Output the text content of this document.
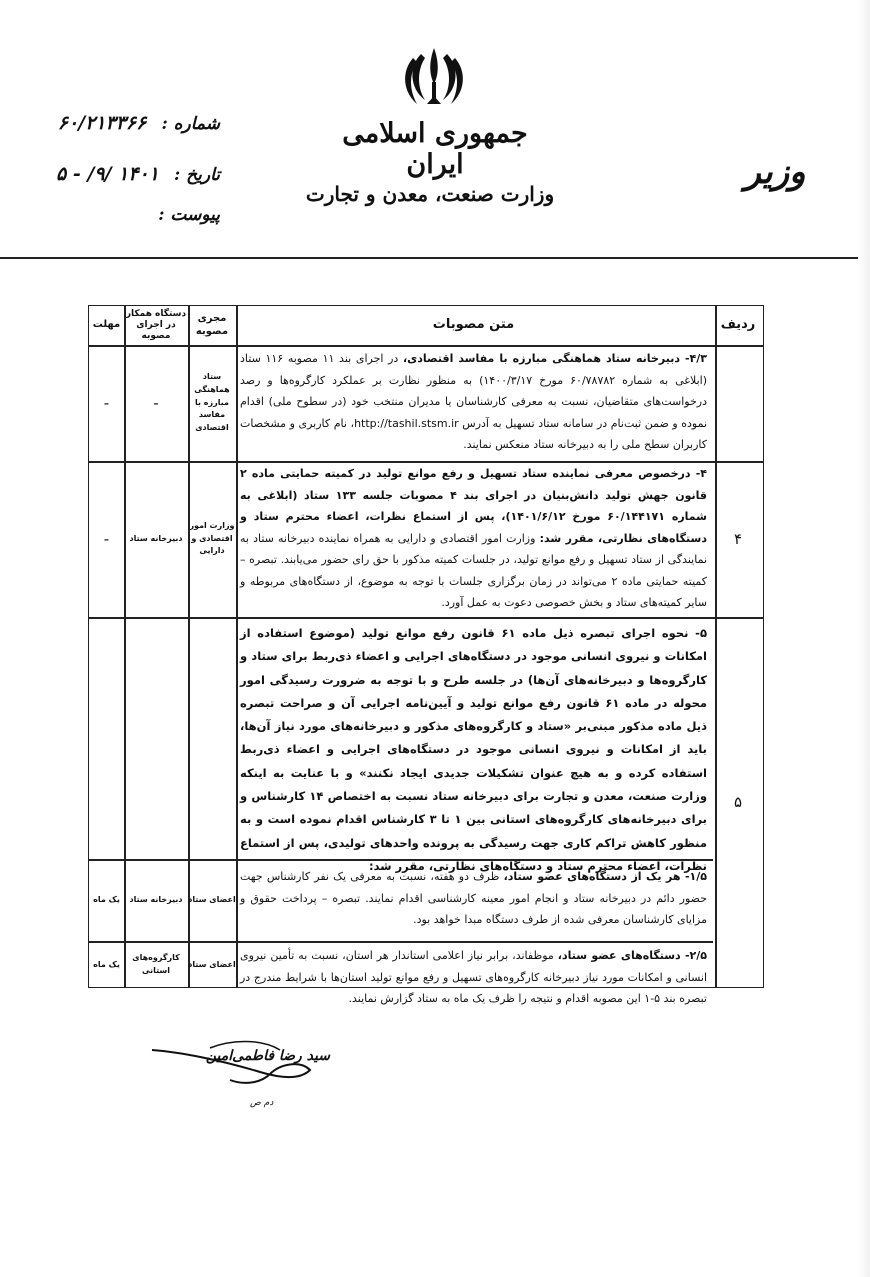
جمهوری اسلامی ایران
وزارت صنعت، معدن و تجارت
وزیر
شماره : ۶۰/۲۱۳۳۶۶
تاریخ : ۱۴۰۱ /۹/ - ۵
پیوست :
ردیف
متن مصوبات
مجری مصوبه
دستگاه همکار در اجرای مصوبه
مهلت
۴/۳- دبیرخانه ستاد هماهنگی مبارزه با مفاسد اقتصادی، در اجرای بند ۱۱ مصوبه ۱۱۶ ستاد (ابلاغی به شماره ۶۰/۷۸۷۸۲ مورخ ۱۴۰۰/۳/۱۷) به منظور نظارت بر عملکرد کارگروه‌ها و رصد درخواست‌های متقاضیان، نسبت به معرفی کارشناسان یا مدیران منتخب خود (در سطوح ملی) اقدام نموده و ضمن ثبت‌نام در سامانه ستاد تسهیل به آدرس http://tashil.stsm.ir، نام کاربری و مشخصات کاربران سطح ملی را به دبیرخانه ستاد منعکس نمایند.
ستاد هماهنگی مبارزه با مفاسد اقتصادی
-
-
۴
۴- درخصوص معرفی نماینده ستاد تسهیل و رفع موانع تولید در کمیته حمایتی ماده ۲ قانون جهش تولید دانش‌بنیان در اجرای بند ۴ مصوبات جلسه ۱۳۳ ستاد (ابلاغی به شماره ۶۰/۱۴۴۱۷۱ مورخ ۱۴۰۱/۶/۱۲)، پس از استماع نظرات، اعضاء محترم ستاد و دستگاه‌های نظارتی، مقرر شد: وزارت امور اقتصادی و دارایی به همراه نماینده دبیرخانه ستاد به نمایندگی از ستاد تسهیل و رفع موانع تولید، در جلسات کمیته مذکور با حق رای حضور می‌یابند. تبصره – کمیته حمایتی ماده ۲ می‌تواند در زمان برگزاری جلسات با توجه به موضوع، از دستگاه‌های مربوطه و سایر کمیته‌های ستاد و بخش خصوصی دعوت به عمل آورد.
وزارت امور اقتصادی و دارایی
دبیرخانه ستاد
-
۵
۵- نحوه اجرای تبصره ذیل ماده ۶۱ قانون رفع موانع تولید (موضوع استفاده از امکانات و نیروی انسانی موجود در دستگاه‌های اجرایی و اعضاء ذی‌ربط برای ستاد و کارگروه‌ها و دبیرخانه‌های آن‌ها) در جلسه طرح و با توجه به ضرورت رسیدگی امور محوله در ماده ۶۱ قانون رفع موانع تولید و آیین‌نامه اجرایی آن و صراحت تبصره ذیل ماده مذکور مبنی‌بر «ستاد و کارگروه‌های مذکور و دبیرخانه‌های مورد نیاز آن‌ها، باید از امکانات و نیروی انسانی موجود در دستگاه‌های اجرایی و اعضاء ذی‌ربط استفاده کرده و به هیچ عنوان تشکیلات جدیدی ایجاد نکنند» و با عنایت به اینکه وزارت صنعت، معدن و تجارت برای دبیرخانه ستاد نسبت به اختصاص ۱۴ کارشناس و برای دبیرخانه‌های کارگروه‌های استانی بین ۱ تا ۳ کارشناس اقدام نموده است و به منظور کاهش تراکم کاری جهت رسیدگی به پرونده واحدهای تولیدی، پس از استماع نظرات، اعضاء محترم ستاد و دستگاه‌های نظارتی، مقرر شد:
۱/۵- هر یک از دستگاه‌های عضو ستاد، ظرف دو هفته، نسبت به معرفی یک نفر کارشناس جهت حضور دائم در دبیرخانه ستاد و انجام امور معینه کارشناسی اقدام نمایند. تبصره – پرداخت حقوق و مزایای کارشناسان معرفی شده از طرف دستگاه مبدا خواهد بود.
اعضای ستاد
دبیرخانه ستاد
یک ماه
۲/۵- دستگاه‌های عضو ستاد، موظفاند، برابر نیاز اعلامی استاندار هر استان، نسبت به تأمین نیروی انسانی و امکانات مورد نیاز دبیرخانه کارگروه‌های تسهیل و رفع موانع تولید استان‌ها با شرایط مندرج در تبصره بند ۵-۱ این مصوبه اقدام و نتیجه را ظرف یک ماه به ستاد گزارش نمایند.
اعضای ستاد
کارگروه‌های استانی
یک ماه
سید رضا فاطمی‌امین
دم ص
